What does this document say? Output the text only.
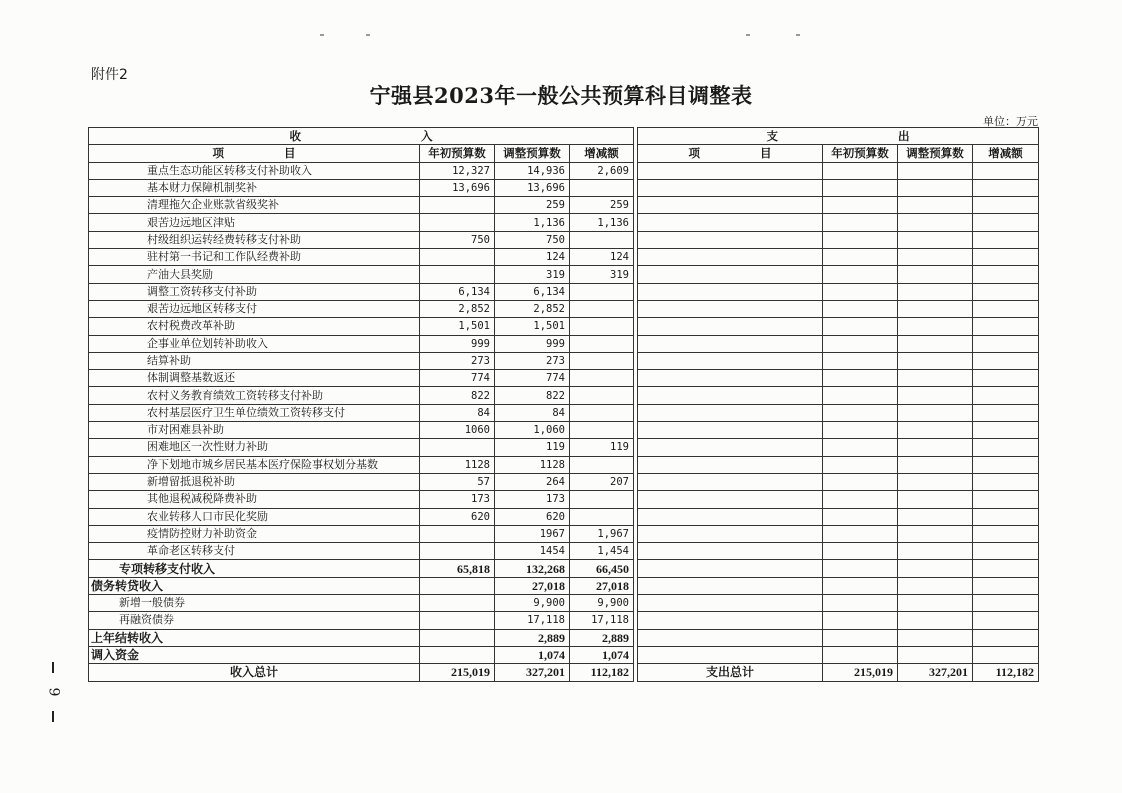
附件2
宁强县2023年一般公共预算科目调整表
单位：万元
9
收 入					支 出			
项 目	年初预算数	调整预算数	增减额		项 目	年初预算数	调整预算数	增减额
重点生态功能区转移支付补助收入	12,327	14,936	2,609					
基本财力保障机制奖补	13,696	13,696						
清理拖欠企业账款省级奖补		259	259					
艰苦边远地区津贴		1,136	1,136					
村级组织运转经费转移支付补助	750	750						
驻村第一书记和工作队经费补助		124	124					
产油大县奖励		319	319					
调整工资转移支付补助	6,134	6,134						
艰苦边远地区转移支付	2,852	2,852						
农村税费改革补助	1,501	1,501						
企事业单位划转补助收入	999	999						
结算补助	273	273						
体制调整基数返还	774	774						
农村义务教育绩效工资转移支付补助	822	822						
农村基层医疗卫生单位绩效工资转移支付	84	84						
市对困难县补助	1060	1,060						
困难地区一次性财力补助		119	119					
净下划地市城乡居民基本医疗保险事权划分基数	1128	1128						
新增留抵退税补助	57	264	207					
其他退税减税降费补助	173	173						
农业转移人口市民化奖励	620	620						
疫情防控财力补助资金		1967	1,967					
革命老区转移支付		1454	1,454					
专项转移支付收入	65,818	132,268	66,450					
债务转贷收入		27,018	27,018					
新增一般债券		9,900	9,900					
再融资债券		17,118	17,118					
上年结转收入		2,889	2,889					
调入资金		1,074	1,074					
收入总计	215,019	327,201	112,182		支出总计	215,019	327,201	112,182
